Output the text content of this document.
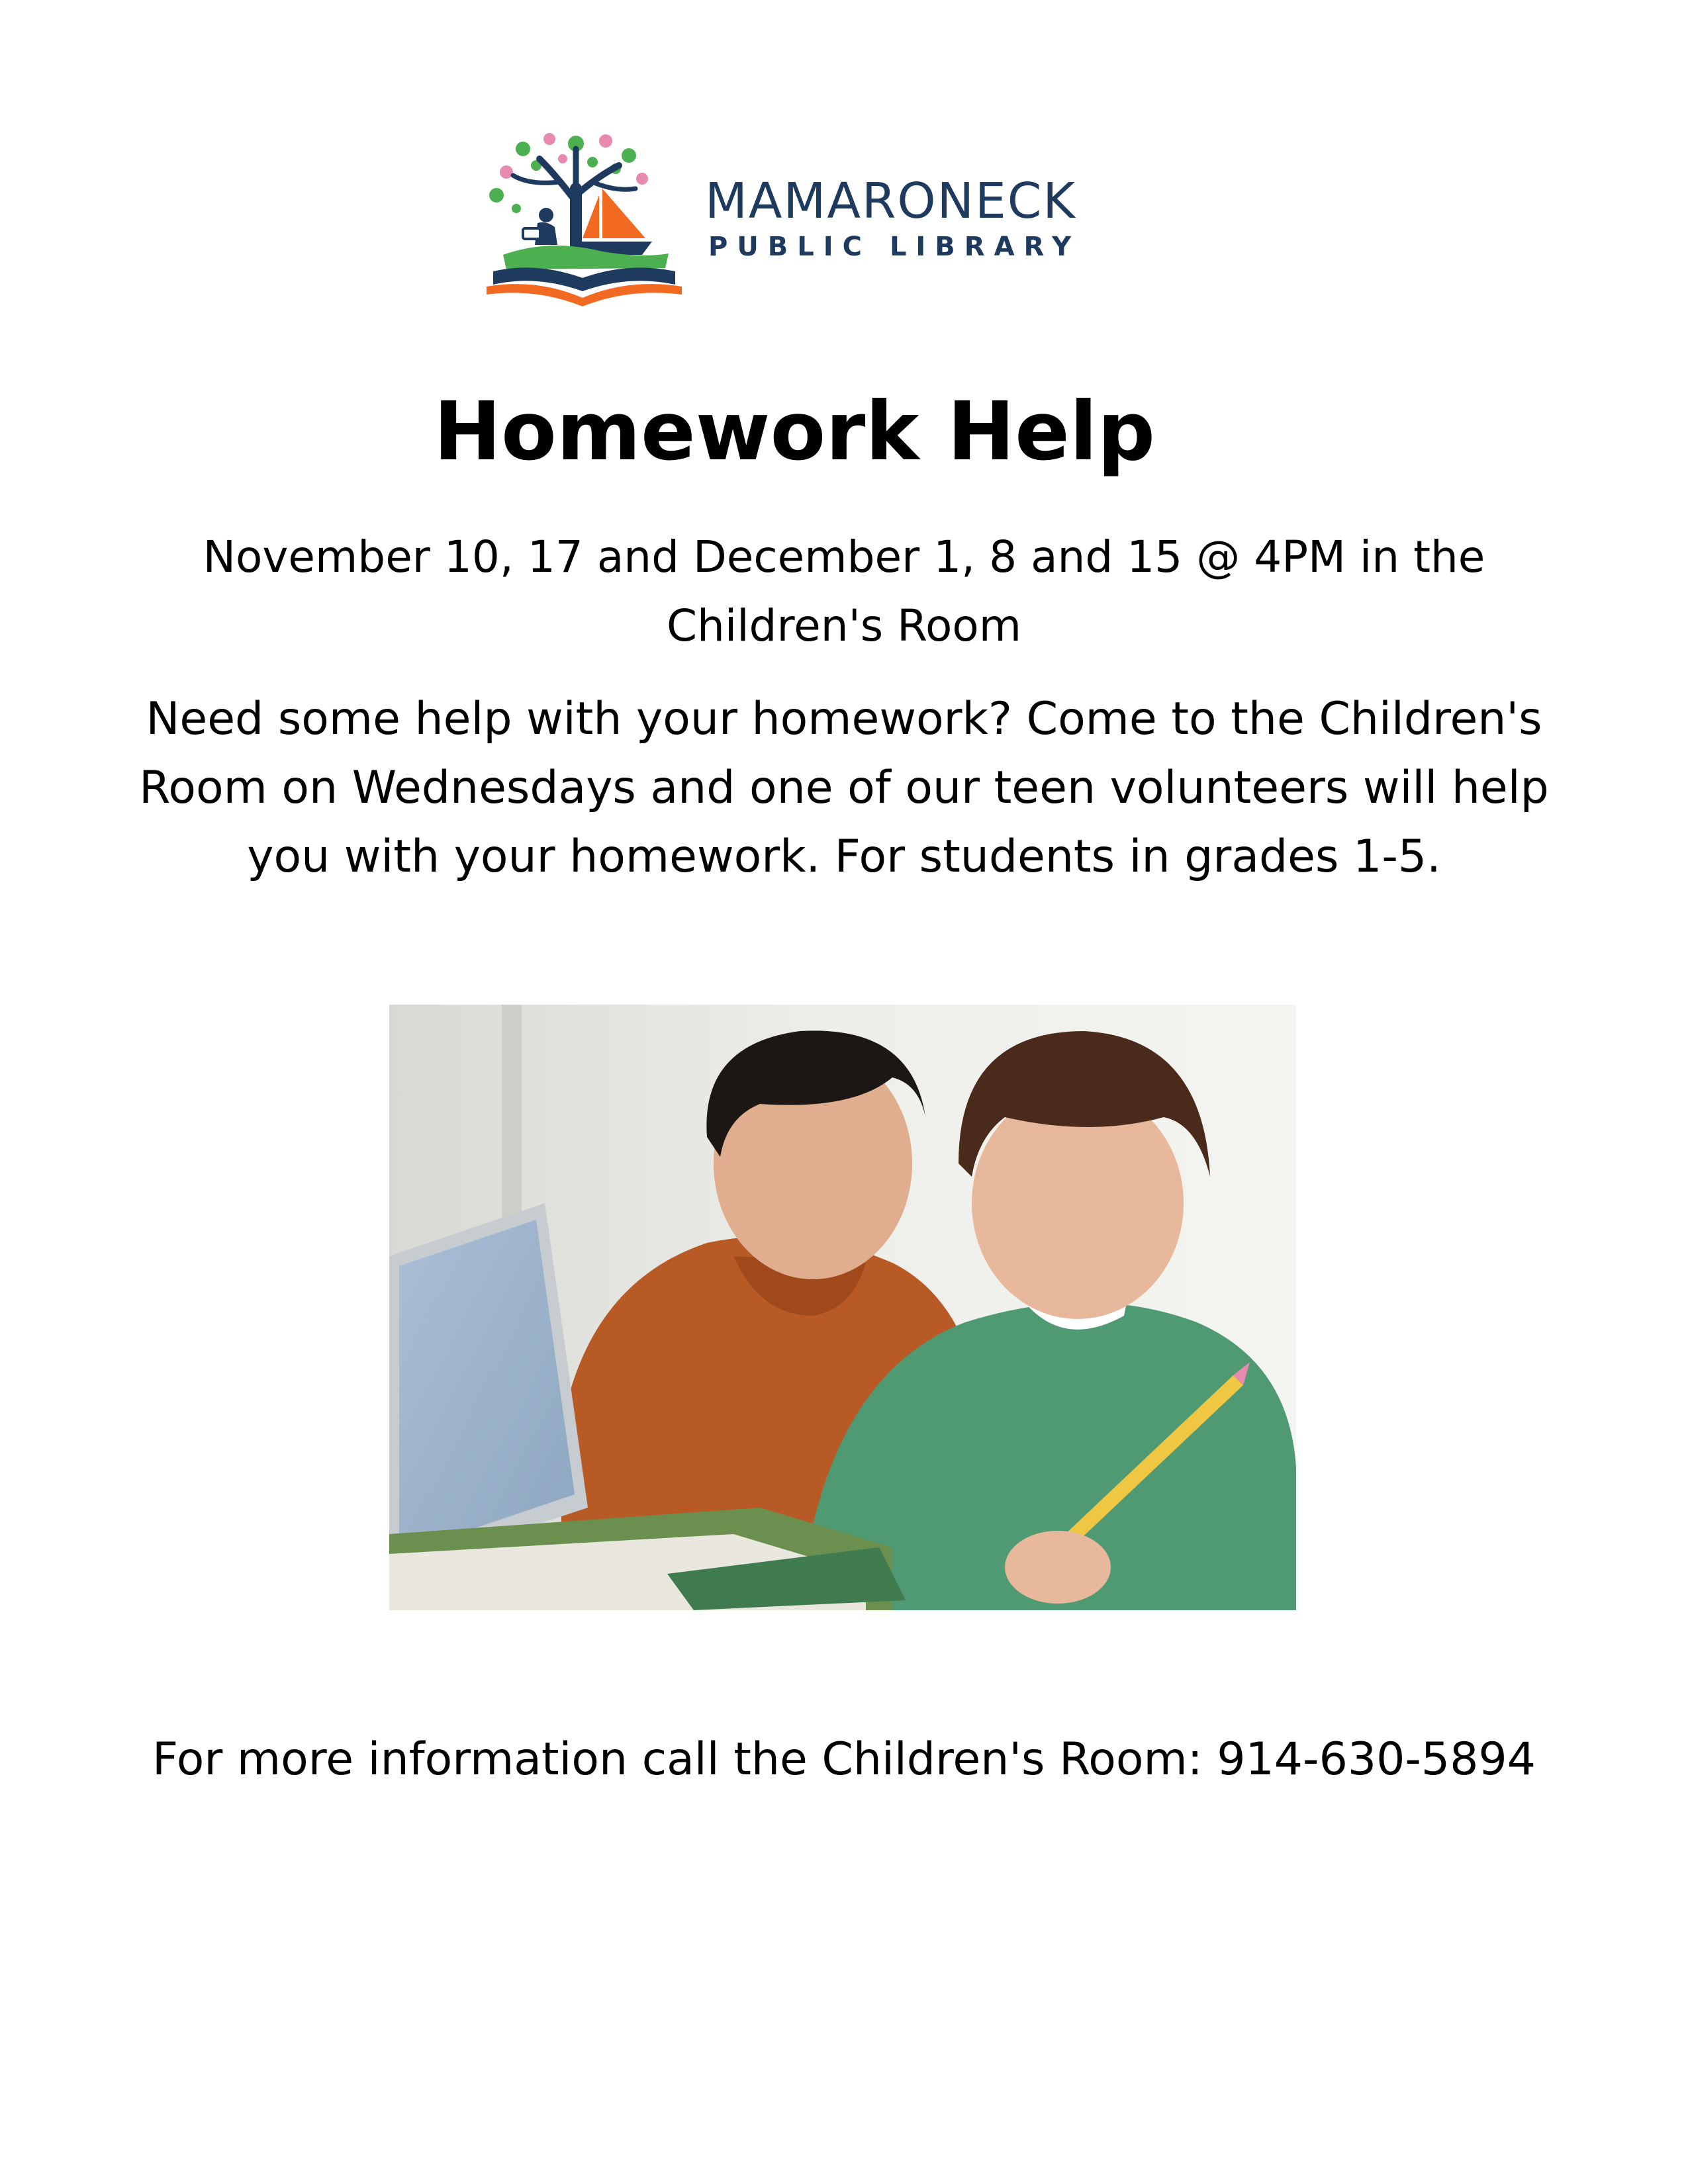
MAMARONECK
PUBLIC LIBRARY
Homework Help

November 10, 17 and December 1, 8 and 15 @ 4PM in the Children's Room

Need some help with your homework? Come to the Children's Room on Wednesdays and one of our teen volunteers will help you with your homework. For students in grades 1-5.

For more information call the Children's Room: 914-630-5894
